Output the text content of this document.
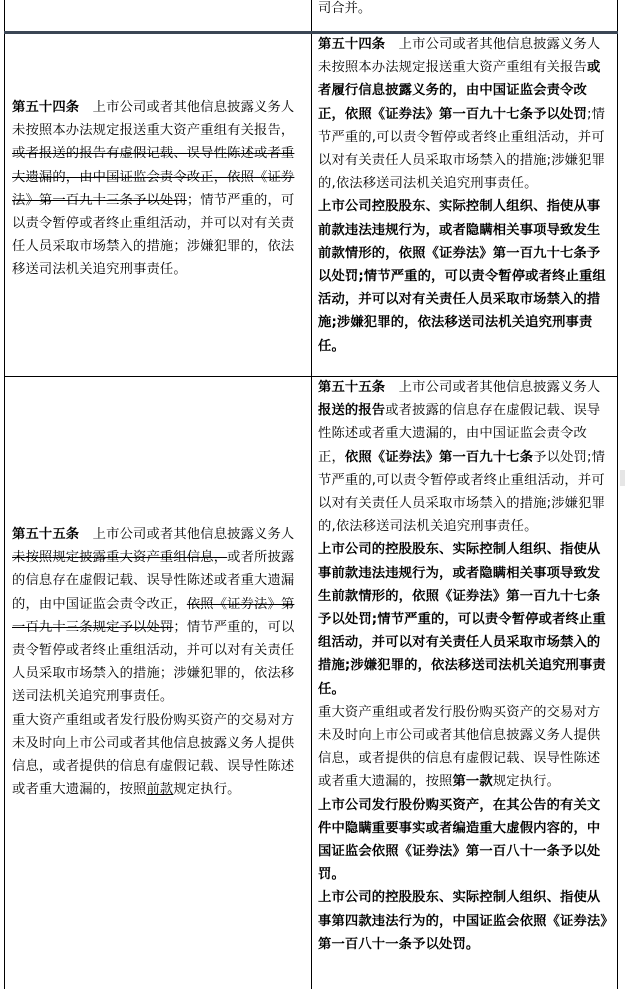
司合并。

第五十四条　上市公司或者其他信息披露义务人未按照本办法规定报送重大资产重组有关报告，或者报送的报告有虚假记载、误导性陈述或者重大遗漏的，由中国证监会责令改正，依照《证券法》第一百九十三条予以处罚；情节严重的，可以责令暂停或者终止重组活动，并可以对有关责任人员采取市场禁入的措施；涉嫌犯罪的，依法移送司法机关追究刑事责任。

第五十四条　上市公司或者其他信息披露义务人未按照本办法规定报送重大资产重组有关报告或者履行信息披露义务的，由中国证监会责令改正，依照《证券法》第一百九十七条予以处罚;情节严重的,可以责令暂停或者终止重组活动，并可以对有关责任人员采取市场禁入的措施;涉嫌犯罪的,依法移送司法机关追究刑事责任。

上市公司控股股东、实际控制人组织、指使从事前款违法违规行为，或者隐瞒相关事项导致发生前款情形的，依照《证券法》第一百九十七条予以处罚;情节严重的，可以责令暂停或者终止重组活动，并可以对有关责任人员采取市场禁入的措施;涉嫌犯罪的，依法移送司法机关追究刑事责任。

第五十五条　上市公司或者其他信息披露义务人未按照规定披露重大资产重组信息，或者所披露的信息存在虚假记载、误导性陈述或者重大遗漏的，由中国证监会责令改正，依照《证券法》第一百九十三条规定予以处罚；情节严重的，可以责令暂停或者终止重组活动，并可以对有关责任人员采取市场禁入的措施；涉嫌犯罪的，依法移送司法机关追究刑事责任。

重大资产重组或者发行股份购买资产的交易对方未及时向上市公司或者其他信息披露义务人提供信息，或者提供的信息有虚假记载、误导性陈述或者重大遗漏的，按照前款规定执行。

第五十五条　上市公司或者其他信息披露义务人报送的报告或者披露的信息存在虚假记载、误导性陈述或者重大遗漏的，由中国证监会责令改正，依照《证券法》第一百九十七条予以处罚;情节严重的,可以责令暂停或者终止重组活动，并可以对有关责任人员采取市场禁入的措施;涉嫌犯罪的,依法移送司法机关追究刑事责任。

上市公司的控股股东、实际控制人组织、指使从事前款违法违规行为，或者隐瞒相关事项导致发生前款情形的，依照《证券法》第一百九十七条予以处罚;情节严重的，可以责令暂停或者终止重组活动，并可以对有关责任人员采取市场禁入的措施;涉嫌犯罪的，依法移送司法机关追究刑事责任。

重大资产重组或者发行股份购买资产的交易对方未及时向上市公司或者其他信息披露义务人提供信息，或者提供的信息有虚假记载、误导性陈述或者重大遗漏的，按照第一款规定执行。

上市公司发行股份购买资产，在其公告的有关文件中隐瞒重要事实或者编造重大虚假内容的，中国证监会依照《证券法》第一百八十一条予以处罚。

上市公司的控股股东、实际控制人组织、指使从事第四款违法行为的，中国证监会依照《证券法》第一百八十一条予以处罚。
